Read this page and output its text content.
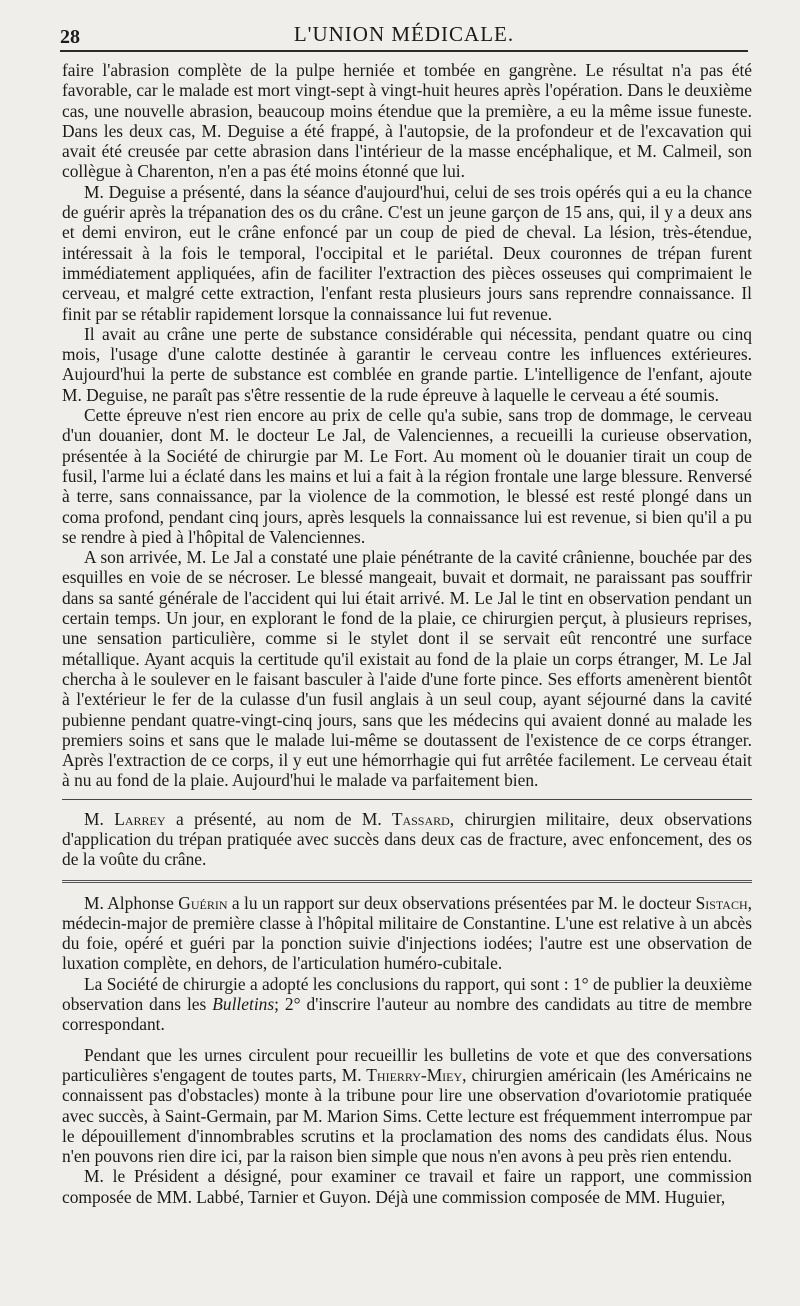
28	L'UNION MÉDICALE.

faire l'abrasion complète de la pulpe herniée et tombée en gangrène. Le résultat n'a pas été favorable, car le malade est mort vingt-sept à vingt-huit heures après l'opération. Dans le deuxième cas, une nouvelle abrasion, beaucoup moins étendue que la première, a eu la même issue funeste. Dans les deux cas, M. Deguise a été frappé, à l'autopsie, de la profondeur et de l'excavation qui avait été creusée par cette abrasion dans l'intérieur de la masse encéphalique, et M. Calmeil, son collègue à Charenton, n'en a pas été moins étonné que lui.

M. Deguise a présenté, dans la séance d'aujourd'hui, celui de ses trois opérés qui a eu la chance de guérir après la trépanation des os du crâne. C'est un jeune garçon de 15 ans, qui, il y a deux ans et demi environ, eut le crâne enfoncé par un coup de pied de cheval. La lésion, très-étendue, intéressait à la fois le temporal, l'occipital et le pariétal. Deux couronnes de trépan furent immédiatement appliquées, afin de faciliter l'extraction des pièces osseuses qui comprimaient le cerveau, et malgré cette extraction, l'enfant resta plusieurs jours sans reprendre connaissance. Il finit par se rétablir rapidement lorsque la connaissance lui fut revenue.

Il avait au crâne une perte de substance considérable qui nécessita, pendant quatre ou cinq mois, l'usage d'une calotte destinée à garantir le cerveau contre les influences extérieures. Aujourd'hui la perte de substance est comblée en grande partie. L'intelligence de l'enfant, ajoute M. Deguise, ne paraît pas s'être ressentie de la rude épreuve à laquelle le cerveau a été soumis.

Cette épreuve n'est rien encore au prix de celle qu'a subie, sans trop de dommage, le cerveau d'un douanier, dont M. le docteur Le Jal, de Valenciennes, a recueilli la curieuse observation, présentée à la Société de chirurgie par M. Le Fort. Au moment où le douanier tirait un coup de fusil, l'arme lui a éclaté dans les mains et lui a fait à la région frontale une large blessure. Renversé à terre, sans connaissance, par la violence de la commotion, le blessé est resté plongé dans un coma profond, pendant cinq jours, après lesquels la connaissance lui est revenue, si bien qu'il a pu se rendre à pied à l'hôpital de Valenciennes.

A son arrivée, M. Le Jal a constaté une plaie pénétrante de la cavité crânienne, bouchée par des esquilles en voie de se nécroser. Le blessé mangeait, buvait et dormait, ne paraissant pas souffrir dans sa santé générale de l'accident qui lui était arrivé. M. Le Jal le tint en observation pendant un certain temps. Un jour, en explorant le fond de la plaie, ce chirurgien perçut, à plusieurs reprises, une sensation particulière, comme si le stylet dont il se servait eût rencontré une surface métallique. Ayant acquis la certitude qu'il existait au fond de la plaie un corps étranger, M. Le Jal chercha à le soulever en le faisant basculer à l'aide d'une forte pince. Ses efforts amenèrent bientôt à l'extérieur le fer de la culasse d'un fusil anglais à un seul coup, ayant séjourné dans la cavité pubienne pendant quatre-vingt-cinq jours, sans que les médecins qui avaient donné au malade les premiers soins et sans que le malade lui-même se doutassent de l'existence de ce corps étranger. Après l'extraction de ce corps, il y eut une hémorrhagie qui fut arrêtée facilement. Le cerveau était à nu au fond de la plaie. Aujourd'hui le malade va parfaitement bien.

M. Larrey a présenté, au nom de M. Tassard, chirurgien militaire, deux observations d'application du trépan pratiquée avec succès dans deux cas de fracture, avec enfoncement, des os de la voûte du crâne.

M. Alphonse Guérin a lu un rapport sur deux observations présentées par M. le docteur Sistach, médecin-major de première classe à l'hôpital militaire de Constantine. L'une est relative à un abcès du foie, opéré et guéri par la ponction suivie d'injections iodées; l'autre est une observation de luxation complète, en dehors, de l'articulation huméro-cubitale.

La Société de chirurgie a adopté les conclusions du rapport, qui sont : 1° de publier la deuxième observation dans les Bulletins; 2° d'inscrire l'auteur au nombre des candidats au titre de membre correspondant.

Pendant que les urnes circulent pour recueillir les bulletins de vote et que des conversations particulières s'engagent de toutes parts, M. Thierry-Miey, chirurgien américain (les Américains ne connaissent pas d'obstacles) monte à la tribune pour lire une observation d'ovariotomie pratiquée avec succès, à Saint-Germain, par M. Marion Sims. Cette lecture est fréquemment interrompue par le dépouillement d'innombrables scrutins et la proclamation des noms des candidats élus. Nous n'en pouvons rien dire ici, par la raison bien simple que nous n'en avons à peu près rien entendu.

M. le Président a désigné, pour examiner ce travail et faire un rapport, une commission composée de MM. Labbé, Tarnier et Guyon. Déjà une commission composée de MM. Huguier,
